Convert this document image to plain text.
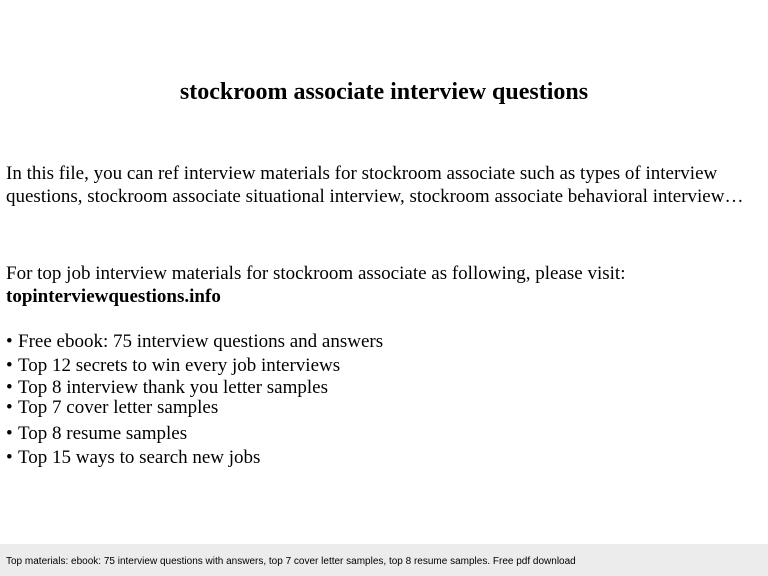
stockroom associate interview questions
In this file, you can ref interview materials for stockroom associate such as types of interview questions, stockroom associate situational interview, stockroom associate behavioral interview…
For top job interview materials for stockroom associate as following, please visit:
topinterviewquestions.info
• Free ebook: 75 interview questions and answers
• Top 12 secrets to win every job interviews
• Top 8 interview thank you letter samples
• Top 7 cover letter samples
• Top 8 resume samples
• Top 15 ways to search new jobs
Top materials: ebook: 75 interview questions with answers, top 7 cover letter samples, top 8 resume samples. Free pdf download
